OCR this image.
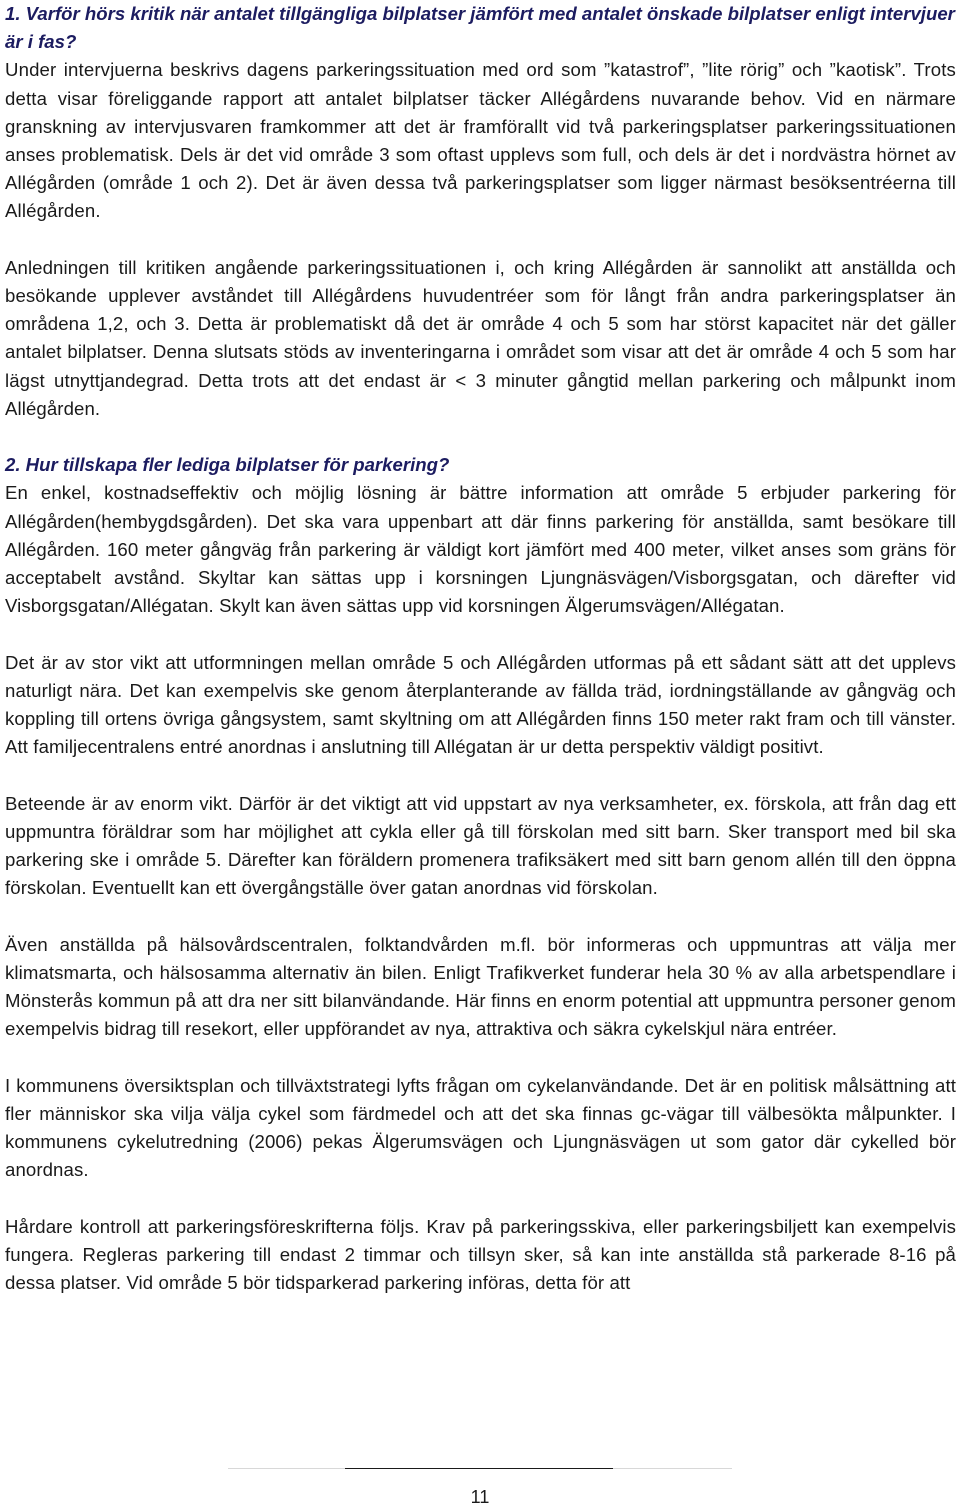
1. Varför hörs kritik när antalet tillgängliga bilplatser jämfört med antalet önskade bilplatser enligt intervjuer är i fas?

Under intervjuerna beskrivs dagens parkeringssituation med ord som ”katastrof”, ”lite rörig” och ”kaotisk”. Trots detta visar föreliggande rapport att antalet bilplatser täcker Allégårdens nuvarande behov. Vid en närmare granskning av intervjusvaren framkommer att det är framförallt vid två parkeringsplatser parkeringssituationen anses problematisk. Dels är det vid område 3 som oftast upplevs som full, och dels är det i nordvästra hörnet av Allégården (område 1 och 2). Det är även dessa två parkeringsplatser som ligger närmast besöksentréerna till Allégården.

Anledningen till kritiken angående parkeringssituationen i, och kring Allégården är sannolikt att anställda och besökande upplever avståndet till Allégårdens huvudentréer som för långt från andra parkeringsplatser än områdena 1,2, och 3. Detta är problematiskt då det är område 4 och 5 som har störst kapacitet när det gäller antalet bilplatser. Denna slutsats stöds av inventeringarna i området som visar att det är område 4 och 5 som har lägst utnyttjandegrad. Detta trots att det endast är < 3 minuter gångtid mellan parkering och målpunkt inom Allégården.

2. Hur tillskapa fler lediga bilplatser för parkering?

En enkel, kostnadseffektiv och möjlig lösning är bättre information att område 5 erbjuder parkering för Allégården(hembygdsgården). Det ska vara uppenbart att där finns parkering för anställda, samt besökare till Allégården. 160 meter gångväg från parkering är väldigt kort jämfört med 400 meter, vilket anses som gräns för acceptabelt avstånd. Skyltar kan sättas upp i korsningen Ljungnäsvägen/Visborgsgatan, och därefter vid Visborgsgatan/Allégatan. Skylt kan även sättas upp vid korsningen Älgerumsvägen/Allégatan.

Det är av stor vikt att utformningen mellan område 5 och Allégården utformas på ett sådant sätt att det upplevs naturligt nära. Det kan exempelvis ske genom återplanterande av fällda träd, iordningställande av gångväg och koppling till ortens övriga gångsystem, samt skyltning om att Allégården finns 150 meter rakt fram och till vänster. Att familjecentralens entré anordnas i anslutning till Allégatan är ur detta perspektiv väldigt positivt.

Beteende är av enorm vikt. Därför är det viktigt att vid uppstart av nya verksamheter, ex. förskola, att från dag ett uppmuntra föräldrar som har möjlighet att cykla eller gå till förskolan med sitt barn. Sker transport med bil ska parkering ske i område 5. Därefter kan föräldern promenera trafiksäkert med sitt barn genom allén till den öppna förskolan. Eventuellt kan ett övergångställe över gatan anordnas vid förskolan.

Även anställda på hälsovårdscentralen, folktandvården m.fl. bör informeras och uppmuntras att välja mer klimatsmarta, och hälsosamma alternativ än bilen. Enligt Trafikverket funderar hela 30 % av alla arbetspendlare i Mönsterås kommun på att dra ner sitt bilanvändande. Här finns en enorm potential att uppmuntra personer genom exempelvis bidrag till resekort, eller uppförandet av nya, attraktiva och säkra cykelskjul nära entréer.

I kommunens översiktsplan och tillväxtstrategi lyfts frågan om cykelanvändande. Det är en politisk målsättning att fler människor ska vilja välja cykel som färdmedel och att det ska finnas gc-vägar till välbesökta målpunkter. I kommunens cykelutredning (2006) pekas Älgerumsvägen och Ljungnäsvägen ut som gator där cykelled bör anordnas.

Hårdare kontroll att parkeringsföreskrifterna följs. Krav på parkeringsskiva, eller parkeringsbiljett kan exempelvis fungera. Regleras parkering till endast 2 timmar och tillsyn sker, så kan inte anställda stå parkerade 8-16 på dessa platser. Vid område 5 bör tidsparkerad parkering införas, detta för att

11
